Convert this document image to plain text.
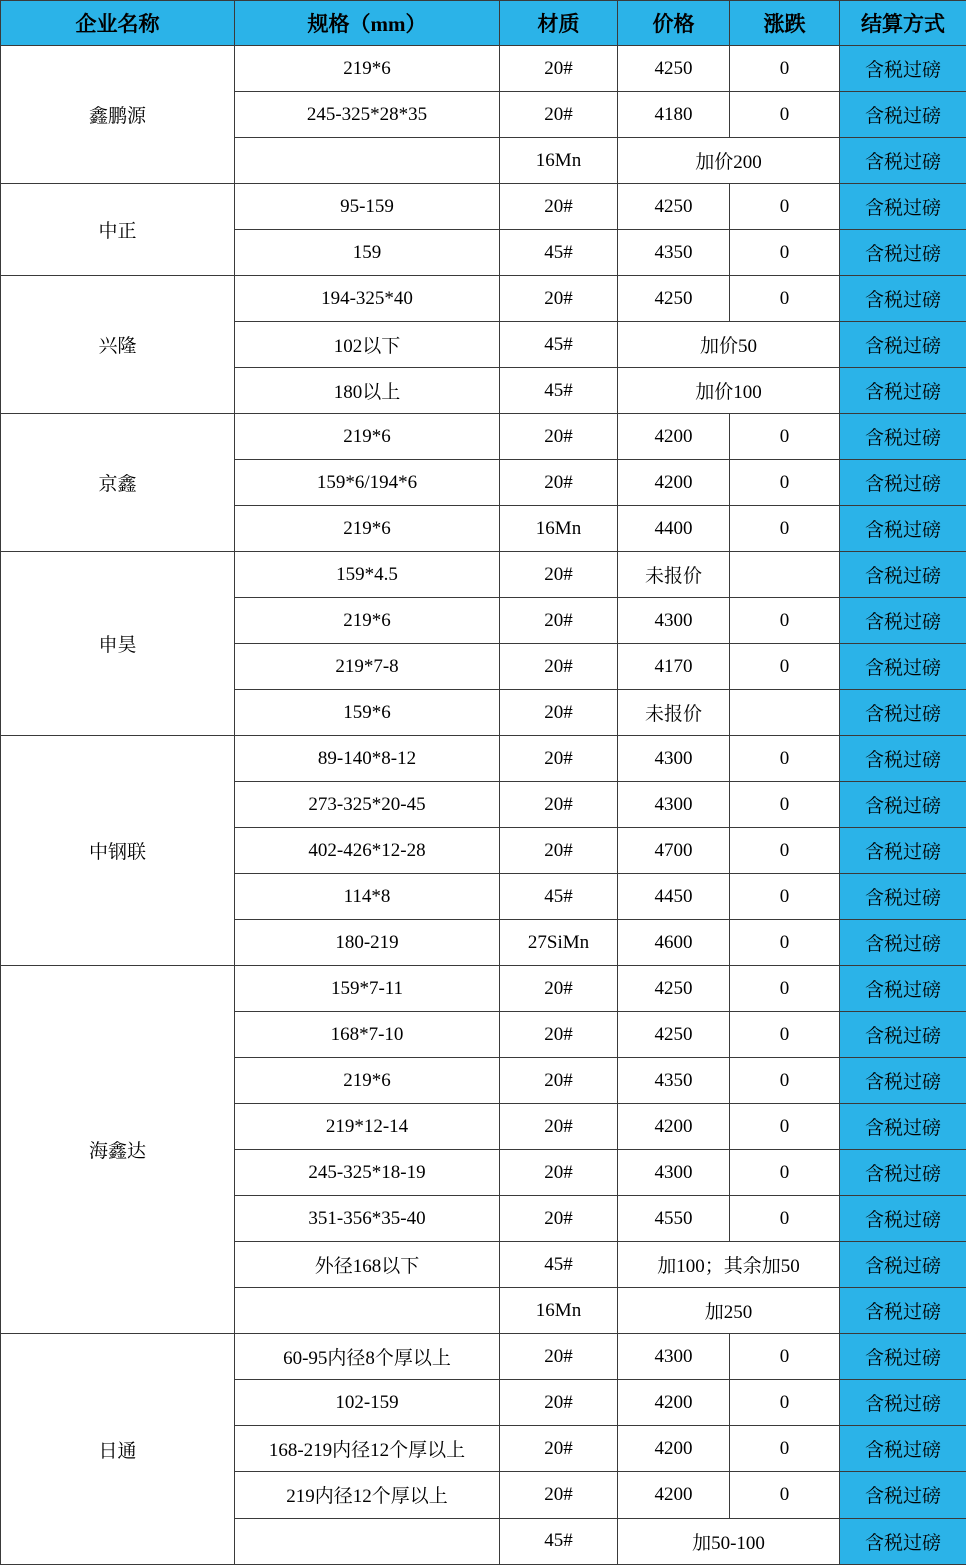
企业名称	规格（mm）	材质	价格	涨跌	结算方式
鑫鹏源	219*6	20#	4250	0	含税过磅
	245-325*28*35	20#	4180	0	含税过磅
		16Mn	加价200		含税过磅
中正	95-159	20#	4250	0	含税过磅
	159	45#	4350	0	含税过磅
兴隆	194-325*40	20#	4250	0	含税过磅
	102以下	45#	加价50		含税过磅
	180以上	45#	加价100		含税过磅
京鑫	219*6	20#	4200	0	含税过磅
	159*6/194*6	20#	4200	0	含税过磅
	219*6	16Mn	4400	0	含税过磅
申昊	159*4.5	20#	未报价		含税过磅
	219*6	20#	4300	0	含税过磅
	219*7-8	20#	4170	0	含税过磅
	159*6	20#	未报价		含税过磅
中钢联	89-140*8-12	20#	4300	0	含税过磅
	273-325*20-45	20#	4300	0	含税过磅
	402-426*12-28	20#	4700	0	含税过磅
	114*8	45#	4450	0	含税过磅
	180-219	27SiMn	4600	0	含税过磅
海鑫达	159*7-11	20#	4250	0	含税过磅
	168*7-10	20#	4250	0	含税过磅
	219*6	20#	4350	0	含税过磅
	219*12-14	20#	4200	0	含税过磅
	245-325*18-19	20#	4300	0	含税过磅
	351-356*35-40	20#	4550	0	含税过磅
	外径168以下	45#	加100；其余加50		含税过磅
		16Mn	加250		含税过磅
日通	60-95内径8个厚以上	20#	4300	0	含税过磅
	102-159	20#	4200	0	含税过磅
	168-219内径12个厚以上	20#	4200	0	含税过磅
	219内径12个厚以上	20#	4200	0	含税过磅
		45#	加50-100		含税过磅
